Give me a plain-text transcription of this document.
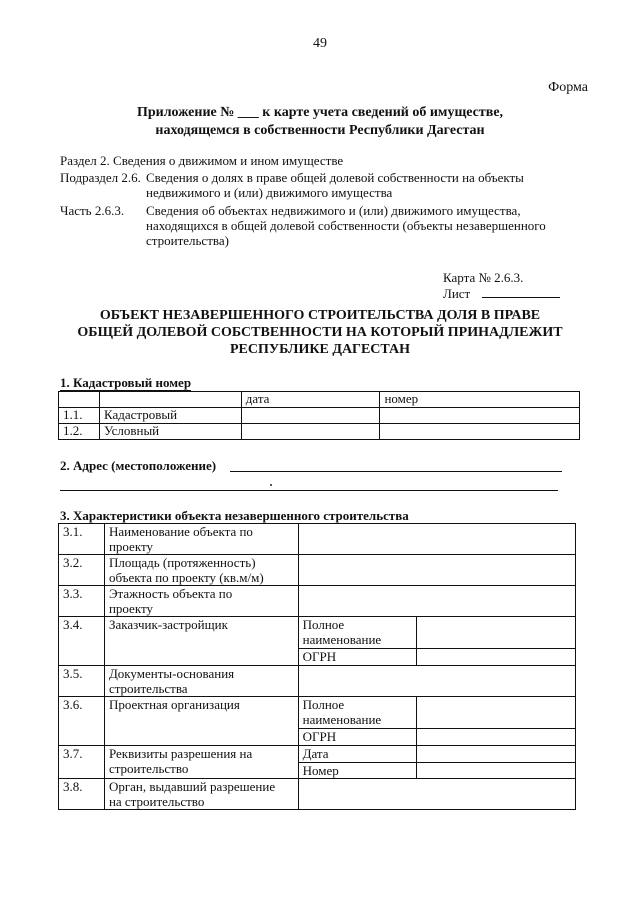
49
Форма
Приложение № ___ к карте учета сведений об имуществе,
находящемся в собственности Республики Дагестан
Раздел 2. Сведения о движимом и ином имуществе
Подраздел 2.6. Сведения о долях в праве общей долевой собственности на объекты
недвижимого и (или) движимого имущества
Часть 2.6.3.	Сведения об объектах недвижимого и (или) движимого имущества,
находящихся в общей долевой собственности (объекты незавершенного
строительства)
Карта № 2.6.3.
Лист
ОБЪЕКТ НЕЗАВЕРШЕННОГО СТРОИТЕЛЬСТВА ДОЛЯ В ПРАВЕ
ОБЩЕЙ ДОЛЕВОЙ СОБСТВЕННОСТИ НА КОТОРЫЙ ПРИНАДЛЕЖИТ
РЕСПУБЛИКЕ ДАГЕСТАН
1. Кадастровый номер
		дата	номер
1.1.	Кадастровый		
1.2.	Условный		
2. Адрес (местоположение)
3. Характеристики объекта незавершенного строительства
3.1.	Наименование объекта по
проекту		

3.2.	Площадь (протяженность)
объекта по проекту (кв.м/м)		

3.3.	Этажность объекта по
проекту		

3.4.	Заказчик-застройщик	Полное
наименование	

		ОГРН	
3.5.	Документы-основания
строительства		

3.6.	Проектная организация	Полное
наименование	

		ОГРН	
3.7.	Реквизиты разрешения на
строительство	Дата	
		Номер	
3.8.	Орган, выдавший разрешение
на строительство		
